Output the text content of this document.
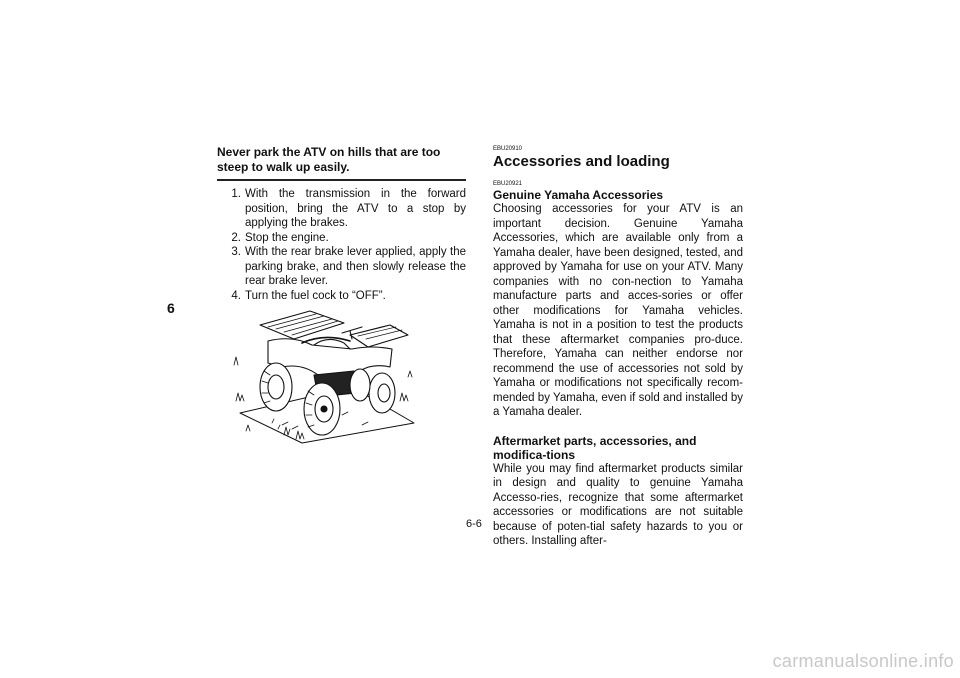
6

Never park the ATV on hills that are too steep to walk up easily.

1. With the transmission in the forward position, bring the ATV to a stop by applying the brakes.
2. Stop the engine.
3. With the rear brake lever applied, apply the parking brake, and then slowly release the rear brake lever.
4. Turn the fuel cock to “OFF”.

EBU20910

Accessories and loading

EBU20921

Genuine Yamaha Accessories

Choosing accessories for your ATV is an important decision. Genuine Yamaha Accessories, which are available only from a Yamaha dealer, have been designed, tested, and approved by Yamaha for use on your ATV. Many companies with no con-nection to Yamaha manufacture parts and acces-sories or offer other modifications for Yamaha vehicles. Yamaha is not in a position to test the products that these aftermarket companies pro-duce. Therefore, Yamaha can neither endorse nor recommend the use of accessories not sold by Yamaha or modifications not specifically recom-mended by Yamaha, even if sold and installed by a Yamaha dealer.

Aftermarket parts, accessories, and modifica-tions

While you may find aftermarket products similar in design and quality to genuine Yamaha Accesso-ries, recognize that some aftermarket accessories or modifications are not suitable because of poten-tial safety hazards to you or others. Installing after-

6-6
carmanualsonline.info
